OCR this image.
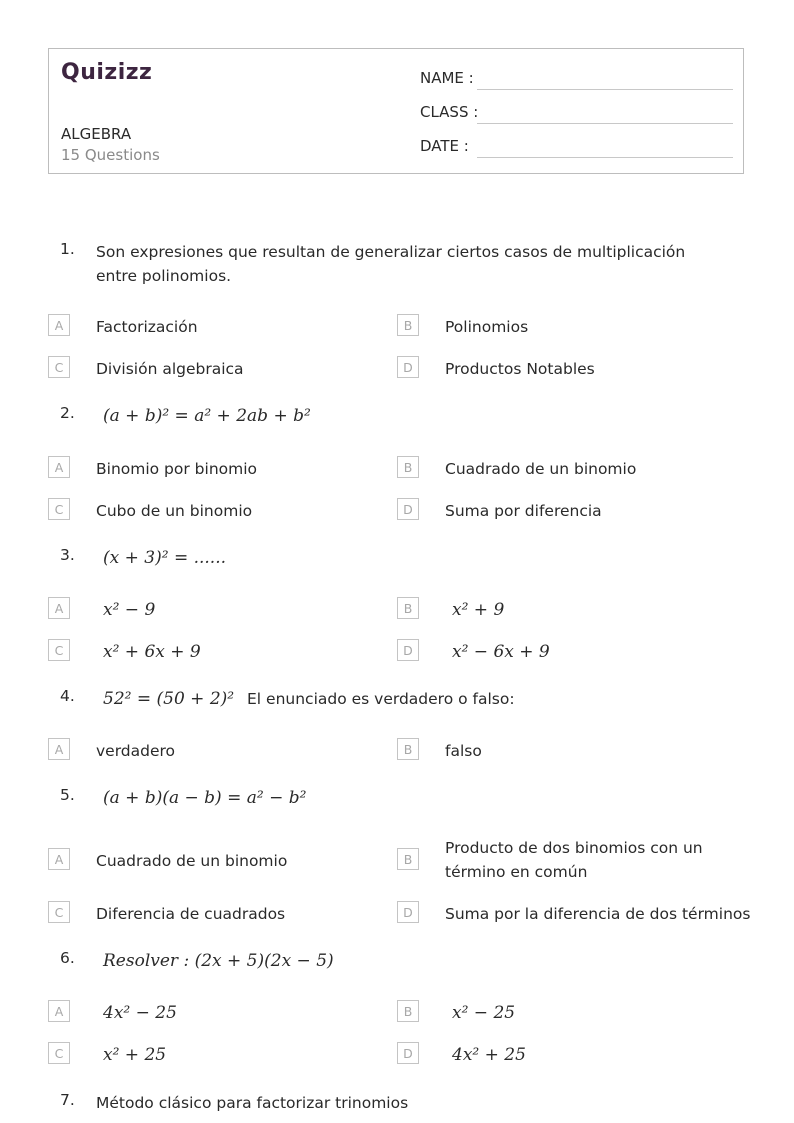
Quizizz
ALGEBRA
15 Questions
NAME :
CLASS :
DATE :
1. Son expresiones que resultan de generalizar ciertos casos de multiplicación entre polinomios.
A	Factorización	B	Polinomios
C	División algebraica	D	Productos Notables
2. (a + b)² = a² + 2ab + b²
A	Binomio por binomio	B	Cuadrado de un binomio
C	Cubo de un binomio	D	Suma por diferencia
3. (x + 3)² = ......
A	x² − 9	B	x² + 9
C	x² + 6x + 9	D	x² − 6x + 9
4. 52² = (50 + 2)² El enunciado es verdadero o falso:
A	verdadero	B	falso
5. (a + b)(a − b) = a² − b²
A	Cuadrado de un binomio	B
Producto de dos binomios con un término en común
C	Diferencia de cuadrados	D	Suma por la diferencia de dos términos
6. Resolver : (2x + 5)(2x − 5)
A	4x² − 25	B	x² − 25
C	x² + 25	D	4x² + 25
7. Método clásico para factorizar trinomios
